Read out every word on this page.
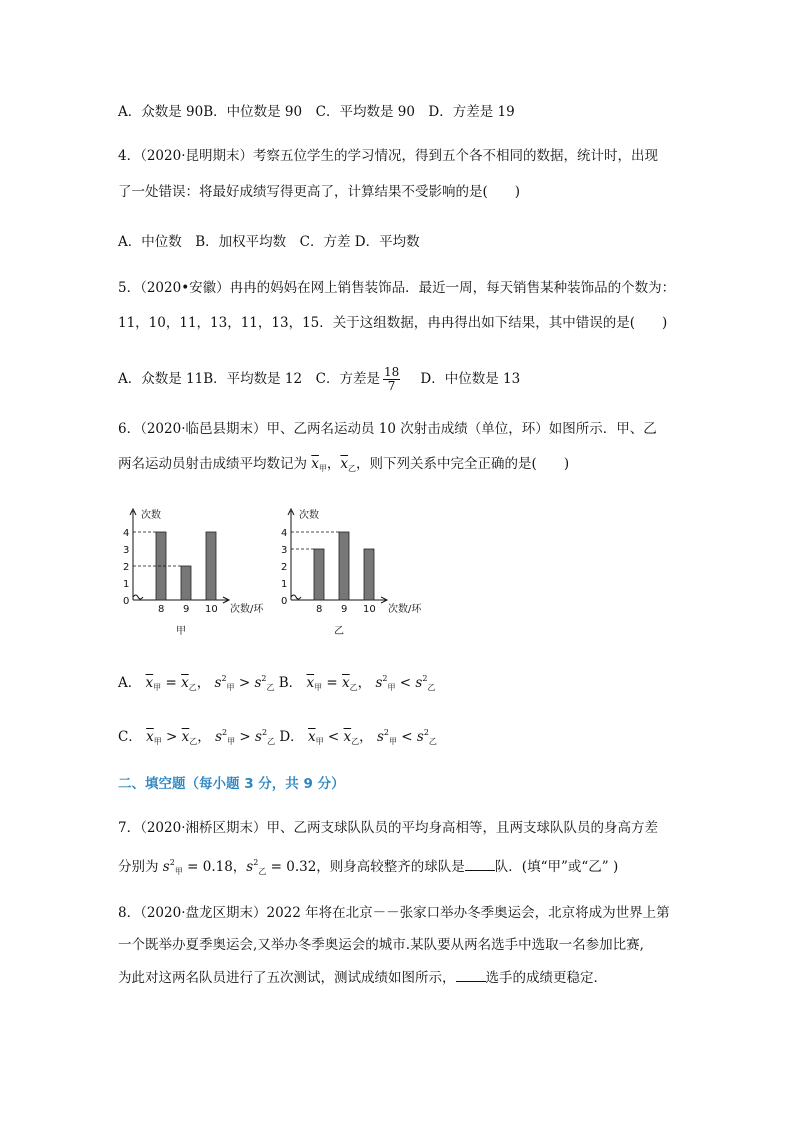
A．众数是 90B．中位数是 90　C．平均数是 90　D．方差是 19
4．（2020·昆明期末）考察五位学生的学习情况，得到五个各不相同的数据，统计时，出现
了一处错误：将最好成绩写得更高了，计算结果不受影响的是(　　)
A．中位数　B．加权平均数　C．方差 D．平均数
5．（2020•安徽）冉冉的妈妈在网上销售装饰品．最近一周，每天销售某种装饰品的个数为：
11，10，11，13，11，13，15．关于这组数据，冉冉得出如下结果，其中错误的是(　　)
A．众数是 11B．平均数是 12　C．方差是 $\frac{18}{7}$ D．中位数是 13
6．（2020·临邑县期末）甲、乙两名运动员 10 次射击成绩（单位，环）如图所示．甲、乙
两名运动员射击成绩平均数记为 $\overline{x}_甲$，$\overline{x}_乙$，则下列关系中完全正确的是(　　)
次数
次数/环
0
1
2
3
4
8 9 10
甲
次数
次数/环
0
1
2
3
4
8 9 10
乙
A． $\overline{x}_甲 = \overline{x}_乙$， $s^2_甲 > s^2_乙$ B． $\overline{x}_甲 = \overline{x}_乙$， $s^2_甲 < s^2_乙$
C． $\overline{x}_甲 > \overline{x}_乙$， $s^2_甲 > s^2_乙$ D． $\overline{x}_甲 < \overline{x}_乙$， $s^2_甲 < s^2_乙$
二、填空题（每小题 3 分，共 9 分）
7．（2020·湘桥区期末）甲、乙两支球队队员的平均身高相等，且两支球队队员的身高方差
分别为 $s^2_甲 = 0.18$，$s^2_乙 = 0.32$，则身高较整齐的球队是 队．(填“甲”或“乙” )
8．（2020·盘龙区期末）2022 年将在北京－－张家口举办冬季奥运会，北京将成为世界上第
一个既举办夏季奥运会,又举办冬季奥运会的城市.某队要从两名选手中选取一名参加比赛,
为此对这两名队员进行了五次测试，测试成绩如图所示， 选手的成绩更稳定．
